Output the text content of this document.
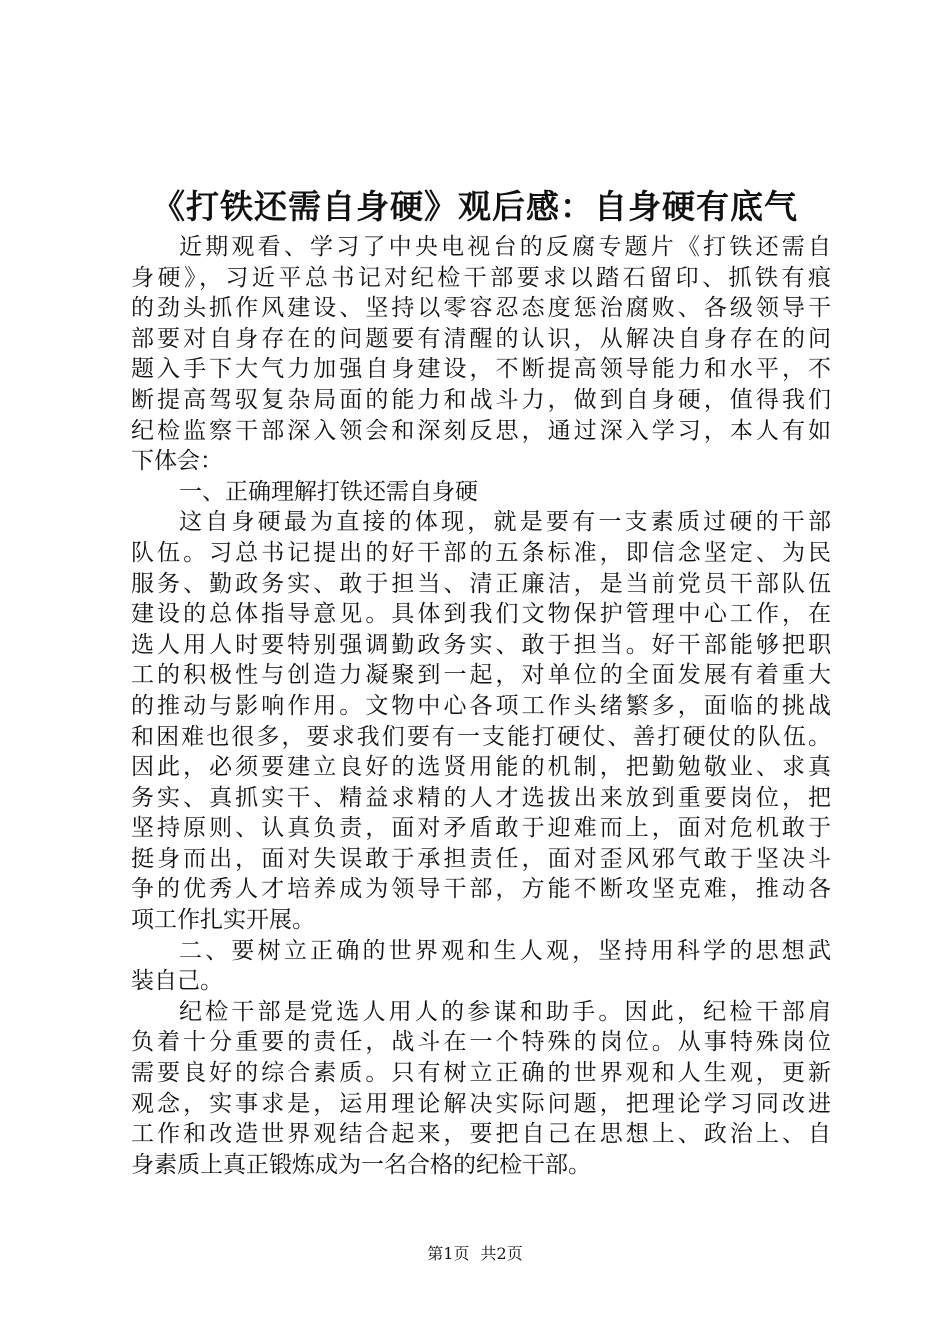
《打铁还需自身硬》观后感：自身硬有底气
近期观看、学习了中央电视台的反腐专题片《打铁还需自
身硬》，习近平总书记对纪检干部要求以踏石留印、抓铁有痕
的劲头抓作风建设、坚持以零容忍态度惩治腐败、各级领导干
部要对自身存在的问题要有清醒的认识，从解决自身存在的问
题入手下大气力加强自身建设，不断提高领导能力和水平，不
断提高驾驭复杂局面的能力和战斗力，做到自身硬，值得我们
纪检监察干部深入领会和深刻反思，通过深入学习，本人有如
下体会：
一、正确理解打铁还需自身硬
这自身硬最为直接的体现，就是要有一支素质过硬的干部
队伍。习总书记提出的好干部的五条标准，即信念坚定、为民
服务、勤政务实、敢于担当、清正廉洁，是当前党员干部队伍
建设的总体指导意见。具体到我们文物保护管理中心工作，在
选人用人时要特别强调勤政务实、敢于担当。好干部能够把职
工的积极性与创造力凝聚到一起，对单位的全面发展有着重大
的推动与影响作用。文物中心各项工作头绪繁多，面临的挑战
和困难也很多，要求我们要有一支能打硬仗、善打硬仗的队伍。
因此，必须要建立良好的选贤用能的机制，把勤勉敬业、求真
务实、真抓实干、精益求精的人才选拔出来放到重要岗位，把
坚持原则、认真负责，面对矛盾敢于迎难而上，面对危机敢于
挺身而出，面对失误敢于承担责任，面对歪风邪气敢于坚决斗
争的优秀人才培养成为领导干部，方能不断攻坚克难，推动各
项工作扎实开展。
二、要树立正确的世界观和生人观，坚持用科学的思想武
装自己。
纪检干部是党选人用人的参谋和助手。因此，纪检干部肩
负着十分重要的责任，战斗在一个特殊的岗位。从事特殊岗位
需要良好的综合素质。只有树立正确的世界观和人生观，更新
观念，实事求是，运用理论解决实际问题，把理论学习同改进
工作和改造世界观结合起来，要把自己在思想上、政治上、自
身素质上真正锻炼成为一名合格的纪检干部。
第1页 共2页
